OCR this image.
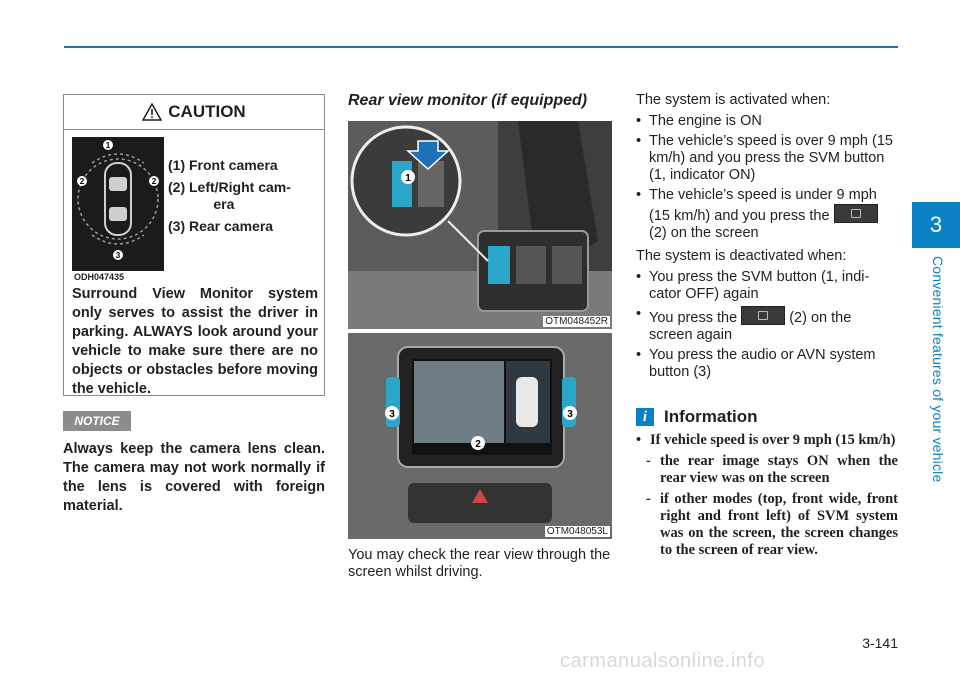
3
Convenient features of your vehicle
CAUTION
1
2	2
3
ODH047435
(1) Front camera
(2) Left/Right cam-
era
(3) Rear camera
Surround View Monitor system only serves to assist the driver in parking. ALWAYS look around your vehicle to make sure there are no objects or obstacles before moving the vehicle.
NOTICE
Always keep the camera lens clean. The camera may not work normally if the lens is covered with foreign material.
Rear view monitor (if equipped)
1
OTM048452R
3	3
2
OTM048053L
You may check the rear view through the screen whilst driving.
The system is activated when:
• The engine is ON
• The vehicle’s speed is over 9 mph (15 km/h) and you press the SVM button (1, indicator ON)
• The vehicle’s speed is under 9 mph (15 km/h) and you press the  (2) on the screen
The system is deactivated when:
• You press the SVM button (1, indi-cator OFF) again
• You press the	(2) on the screen again
• You press the audio or AVN system button (3)
i Information
• If vehicle speed is over 9 mph (15 km/h)
- the rear image stays ON when the rear view was on the screen
- if other modes (top, front wide, front right and front left) of SVM system was on the screen, the screen changes to the screen of rear view.
3-141
carmanualsonline.info
